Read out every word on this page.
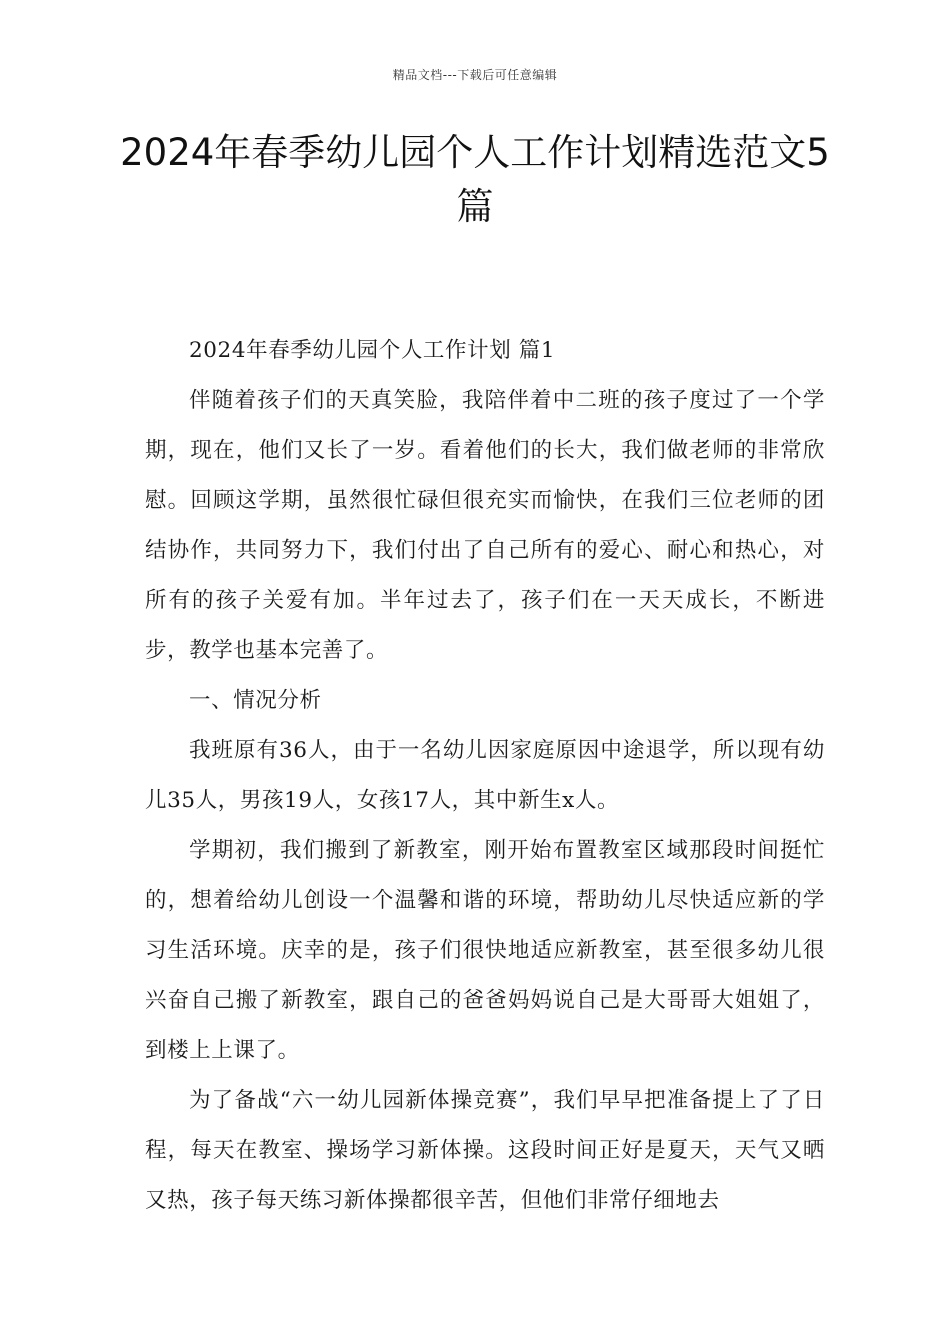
精品文档---下载后可任意编辑
2024年春季幼儿园个人工作计划精选范文5篇

2024年春季幼儿园个人工作计划 篇1

伴随着孩子们的天真笑脸，我陪伴着中二班的孩子度过了一个学期，现在，他们又长了一岁。看着他们的长大，我们做老师的非常欣慰。回顾这学期，虽然很忙碌但很充实而愉快，在我们三位老师的团结协作，共同努力下，我们付出了自己所有的爱心、耐心和热心，对所有的孩子关爱有加。半年过去了，孩子们在一天天成长，不断进步，教学也基本完善了。

一、情况分析

我班原有36人，由于一名幼儿因家庭原因中途退学，所以现有幼儿35人，男孩19人，女孩17人，其中新生x人。

学期初，我们搬到了新教室，刚开始布置教室区域那段时间挺忙的，想着给幼儿创设一个温馨和谐的环境，帮助幼儿尽快适应新的学习生活环境。庆幸的是，孩子们很快地适应新教室，甚至很多幼儿很兴奋自己搬了新教室，跟自己的爸爸妈妈说自己是大哥哥大姐姐了，到楼上上课了。

为了备战“六一幼儿园新体操竞赛”，我们早早把准备提上了了日程，每天在教室、操场学习新体操。这段时间正好是夏天，天气又晒又热，孩子每天练习新体操都很辛苦，但他们非常仔细地去
